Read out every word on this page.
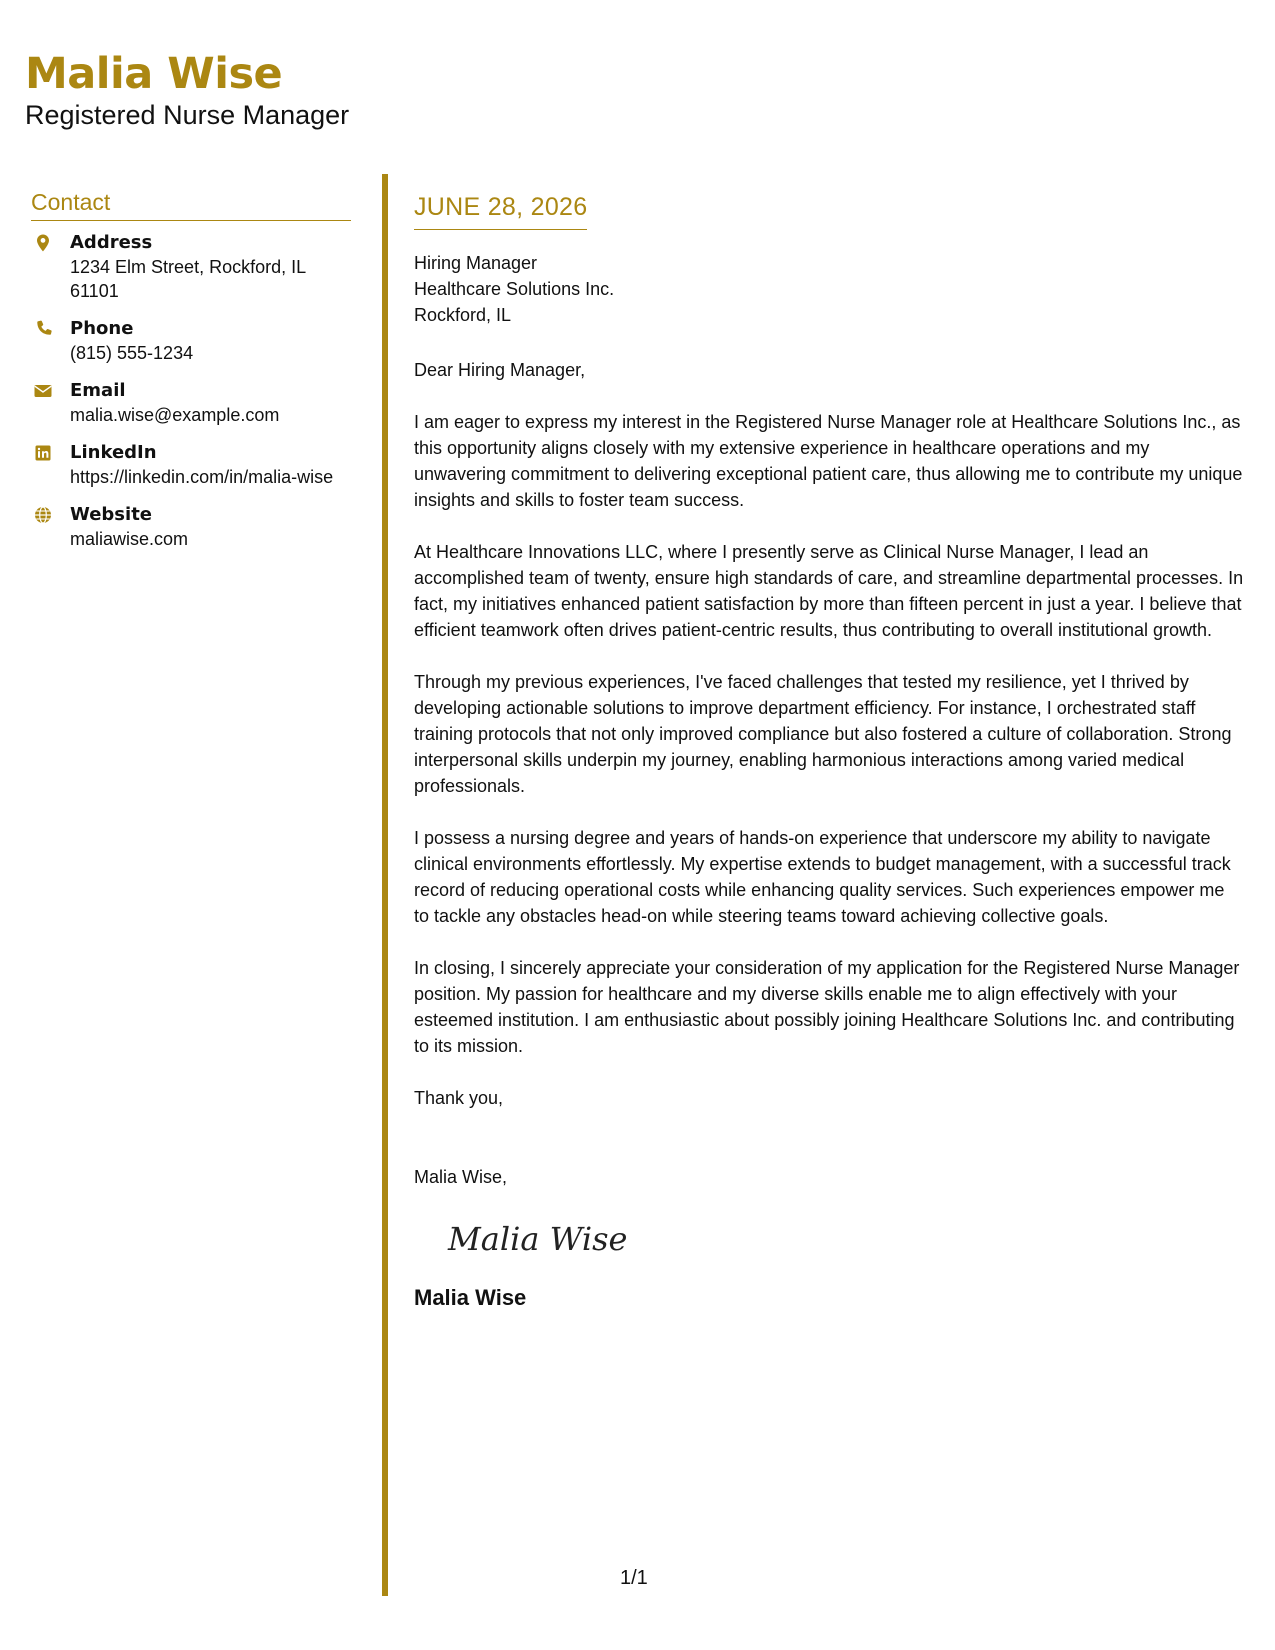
Malia Wise
Registered Nurse Manager
Contact
Address
1234 Elm Street, Rockford, IL 61101
Phone
(815) 555-1234
Email
malia.wise@example.com
LinkedIn
https://linkedin.com/in/malia-wise
Website
maliawise.com
JUNE 28, 2026
Hiring Manager
Healthcare Solutions Inc.
Rockford, IL
Dear Hiring Manager,
I am eager to express my interest in the Registered Nurse Manager role at Healthcare Solutions Inc., as this opportunity aligns closely with my extensive experience in healthcare operations and my unwavering commitment to delivering exceptional patient care, thus allowing me to contribute my unique insights and skills to foster team success.
At Healthcare Innovations LLC, where I presently serve as Clinical Nurse Manager, I lead an accomplished team of twenty, ensure high standards of care, and streamline departmental processes. In fact, my initiatives enhanced patient satisfaction by more than fifteen percent in just a year. I believe that efficient teamwork often drives patient-centric results, thus contributing to overall institutional growth.
Through my previous experiences, I've faced challenges that tested my resilience, yet I thrived by developing actionable solutions to improve department efficiency. For instance, I orchestrated staff training protocols that not only improved compliance but also fostered a culture of collaboration. Strong interpersonal skills underpin my journey, enabling harmonious interactions among varied medical professionals.
I possess a nursing degree and years of hands-on experience that underscore my ability to navigate clinical environments effortlessly. My expertise extends to budget management, with a successful track record of reducing operational costs while enhancing quality services. Such experiences empower me to tackle any obstacles head-on while steering teams toward achieving collective goals.
In closing, I sincerely appreciate your consideration of my application for the Registered Nurse Manager position. My passion for healthcare and my diverse skills enable me to align effectively with your esteemed institution. I am enthusiastic about possibly joining Healthcare Solutions Inc. and contributing to its mission.
Thank you,
Malia Wise,
Malia Wise
Malia Wise
1/1
